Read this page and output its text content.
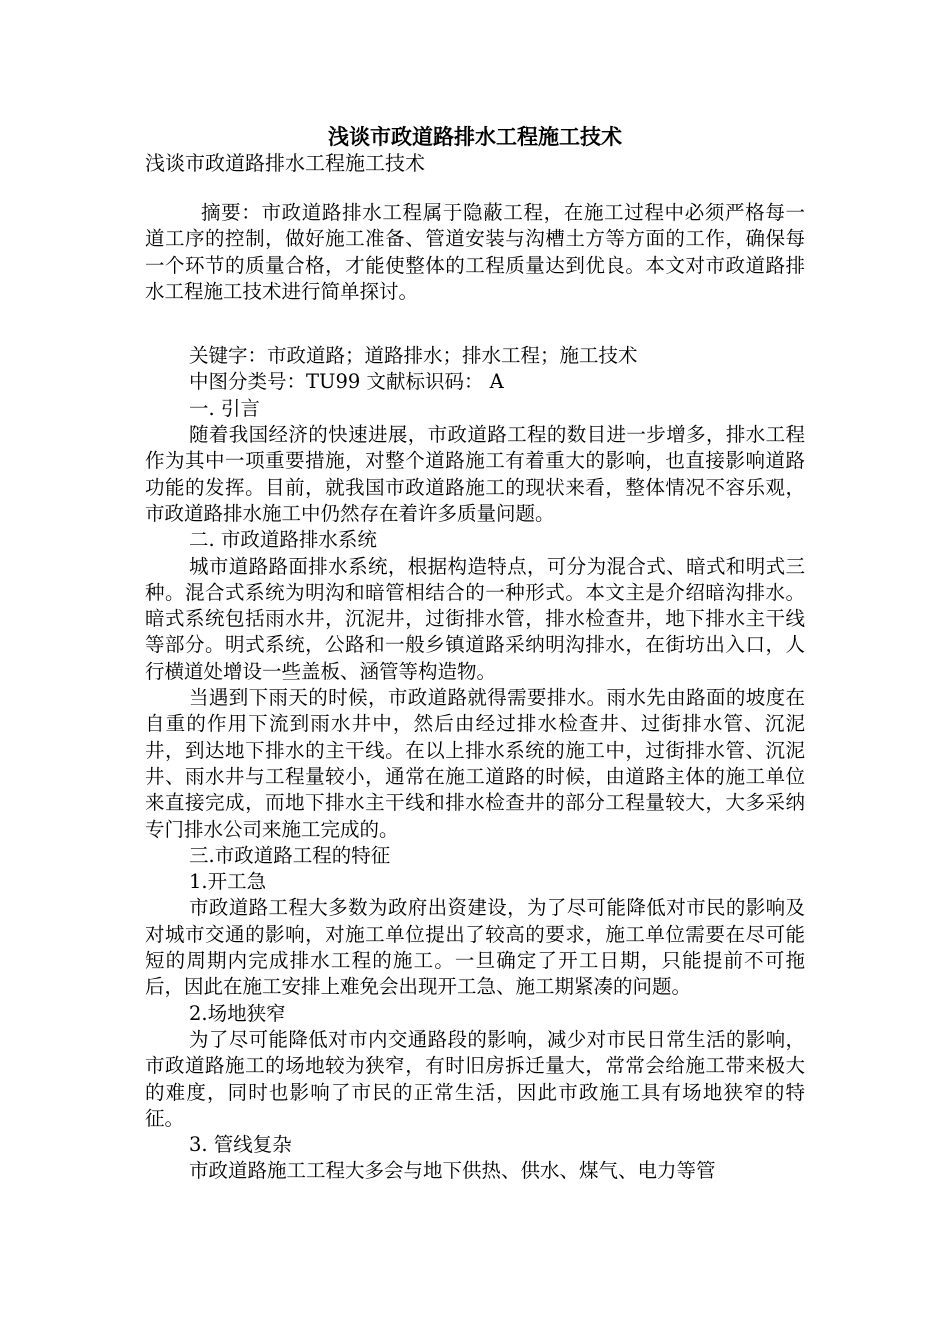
浅谈市政道路排水工程施工技术
浅谈市政道路排水工程施工技术

摘要：市政道路排水工程属于隐蔽工程，在施工过程中必须严格每一道工序的控制，做好施工准备、管道安装与沟槽土方等方面的工作，确保每一个环节的质量合格，才能使整体的工程质量达到优良。本文对市政道路排水工程施工技术进行简单探讨。

关键字：市政道路；道路排水；排水工程；施工技术

中图分类号：TU99 文献标识码： A

一. 引言

随着我国经济的快速进展，市政道路工程的数目进一步增多，排水工程作为其中一项重要措施，对整个道路施工有着重大的影响，也直接影响道路功能的发挥。目前，就我国市政道路施工的现状来看，整体情况不容乐观，市政道路排水施工中仍然存在着许多质量问题。

二. 市政道路排水系统

城市道路路面排水系统，根据构造特点，可分为混合式、暗式和明式三种。混合式系统为明沟和暗管相结合的一种形式。本文主是介绍暗沟排水。暗式系统包括雨水井，沉泥井，过街排水管，排水检查井，地下排水主干线等部分。明式系统，公路和一般乡镇道路采纳明沟排水，在街坊出入口，人行横道处增设一些盖板、涵管等构造物。

当遇到下雨天的时候，市政道路就得需要排水。雨水先由路面的坡度在自重的作用下流到雨水井中，然后由经过排水检查井、过街排水管、沉泥井，到达地下排水的主干线。在以上排水系统的施工中，过街排水管、沉泥井、雨水井与工程量较小，通常在施工道路的时候，由道路主体的施工单位来直接完成，而地下排水主干线和排水检查井的部分工程量较大，大多采纳专门排水公司来施工完成的。

三.市政道路工程的特征

1.开工急

市政道路工程大多数为政府出资建设，为了尽可能降低对市民的影响及对城市交通的影响，对施工单位提出了较高的要求，施工单位需要在尽可能短的周期内完成排水工程的施工。一旦确定了开工日期，只能提前不可拖后，因此在施工安排上难免会出现开工急、施工期紧凑的问题。

2.场地狭窄

为了尽可能降低对市内交通路段的影响，减少对市民日常生活的影响，市政道路施工的场地较为狭窄，有时旧房拆迁量大，常常会给施工带来极大的难度，同时也影响了市民的正常生活，因此市政施工具有场地狭窄的特征。

3. 管线复杂

市政道路施工工程大多会与地下供热、供水、煤气、电力等管
